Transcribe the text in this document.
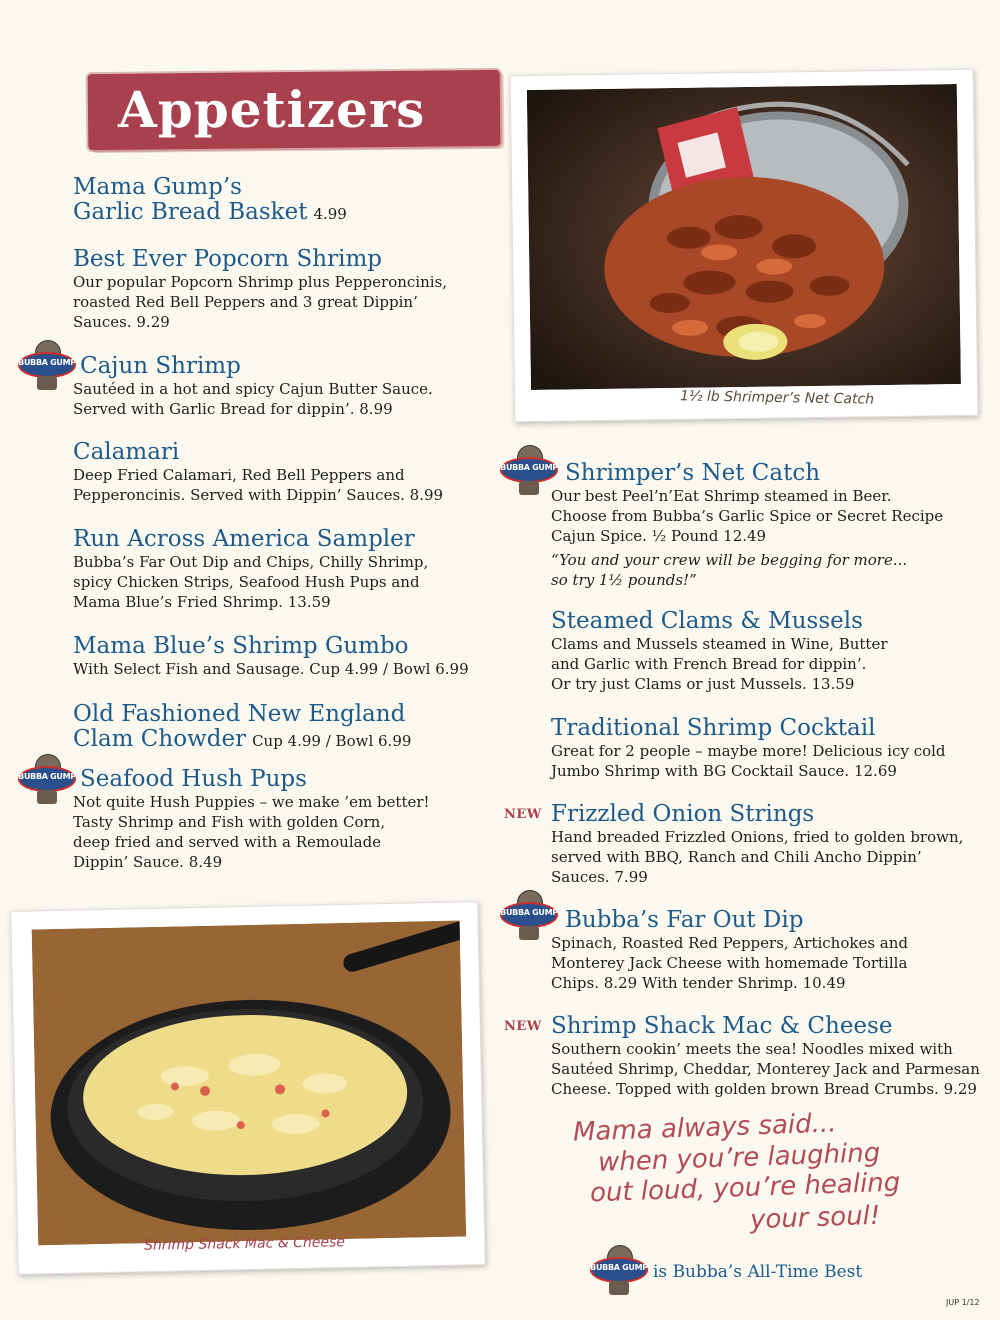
Appetizers
1½ lb Shrimper’s Net Catch
Shrimp Shack Mac & Cheese

Mama Gump’s

Garlic Bread Basket 4.99

Best Ever Popcorn Shrimp

Our popular Popcorn Shrimp plus Pepperoncinis,

roasted Red Bell Peppers and 3 great Dippin’

Sauces. 9.29

BUBBA GUMP Cajun Shrimp

Sautéed in a hot and spicy Cajun Butter Sauce.

Served with Garlic Bread for dippin’. 8.99

Calamari

Deep Fried Calamari, Red Bell Peppers and

Pepperoncinis. Served with Dippin’ Sauces. 8.99

Run Across America Sampler

Bubba’s Far Out Dip and Chips, Chilly Shrimp,

spicy Chicken Strips, Seafood Hush Pups and

Mama Blue’s Fried Shrimp. 13.59

Mama Blue’s Shrimp Gumbo

With Select Fish and Sausage. Cup 4.99 / Bowl 6.99

Old Fashioned New England

Clam Chowder Cup 4.99 / Bowl 6.99

BUBBA GUMP Seafood Hush Pups

Not quite Hush Puppies – we make ’em better!

Tasty Shrimp and Fish with golden Corn,

deep fried and served with a Remoulade

Dippin’ Sauce. 8.49

BUBBA GUMP Shrimper’s Net Catch

Our best Peel’n’Eat Shrimp steamed in Beer.

Choose from Bubba’s Garlic Spice or Secret Recipe

Cajun Spice. ½ Pound 12.49

“You and your crew will be begging for more...

so try 1½ pounds!”

Steamed Clams & Mussels

Clams and Mussels steamed in Wine, Butter

and Garlic with French Bread for dippin’.

Or try just Clams or just Mussels. 13.59

Traditional Shrimp Cocktail

Great for 2 people – maybe more! Delicious icy cold

Jumbo Shrimp with BG Cocktail Sauce. 12.69

NEW Frizzled Onion Strings

Hand breaded Frizzled Onions, fried to golden brown,

served with BBQ, Ranch and Chili Ancho Dippin’

Sauces. 7.99

BUBBA GUMP Bubba’s Far Out Dip

Spinach, Roasted Red Peppers, Artichokes and

Monterey Jack Cheese with homemade Tortilla

Chips. 8.29 With tender Shrimp. 10.49

NEW Shrimp Shack Mac & Cheese

Southern cookin’ meets the sea! Noodles mixed with

Sautéed Shrimp, Cheddar, Monterey Jack and Parmesan

Cheese. Topped with golden brown Bread Crumbs. 9.29

Mama always said...
when you’re laughing
out loud, you’re healing
your soul!
BUBBA GUMP is Bubba’s All-Time Best
JUP 1/12
